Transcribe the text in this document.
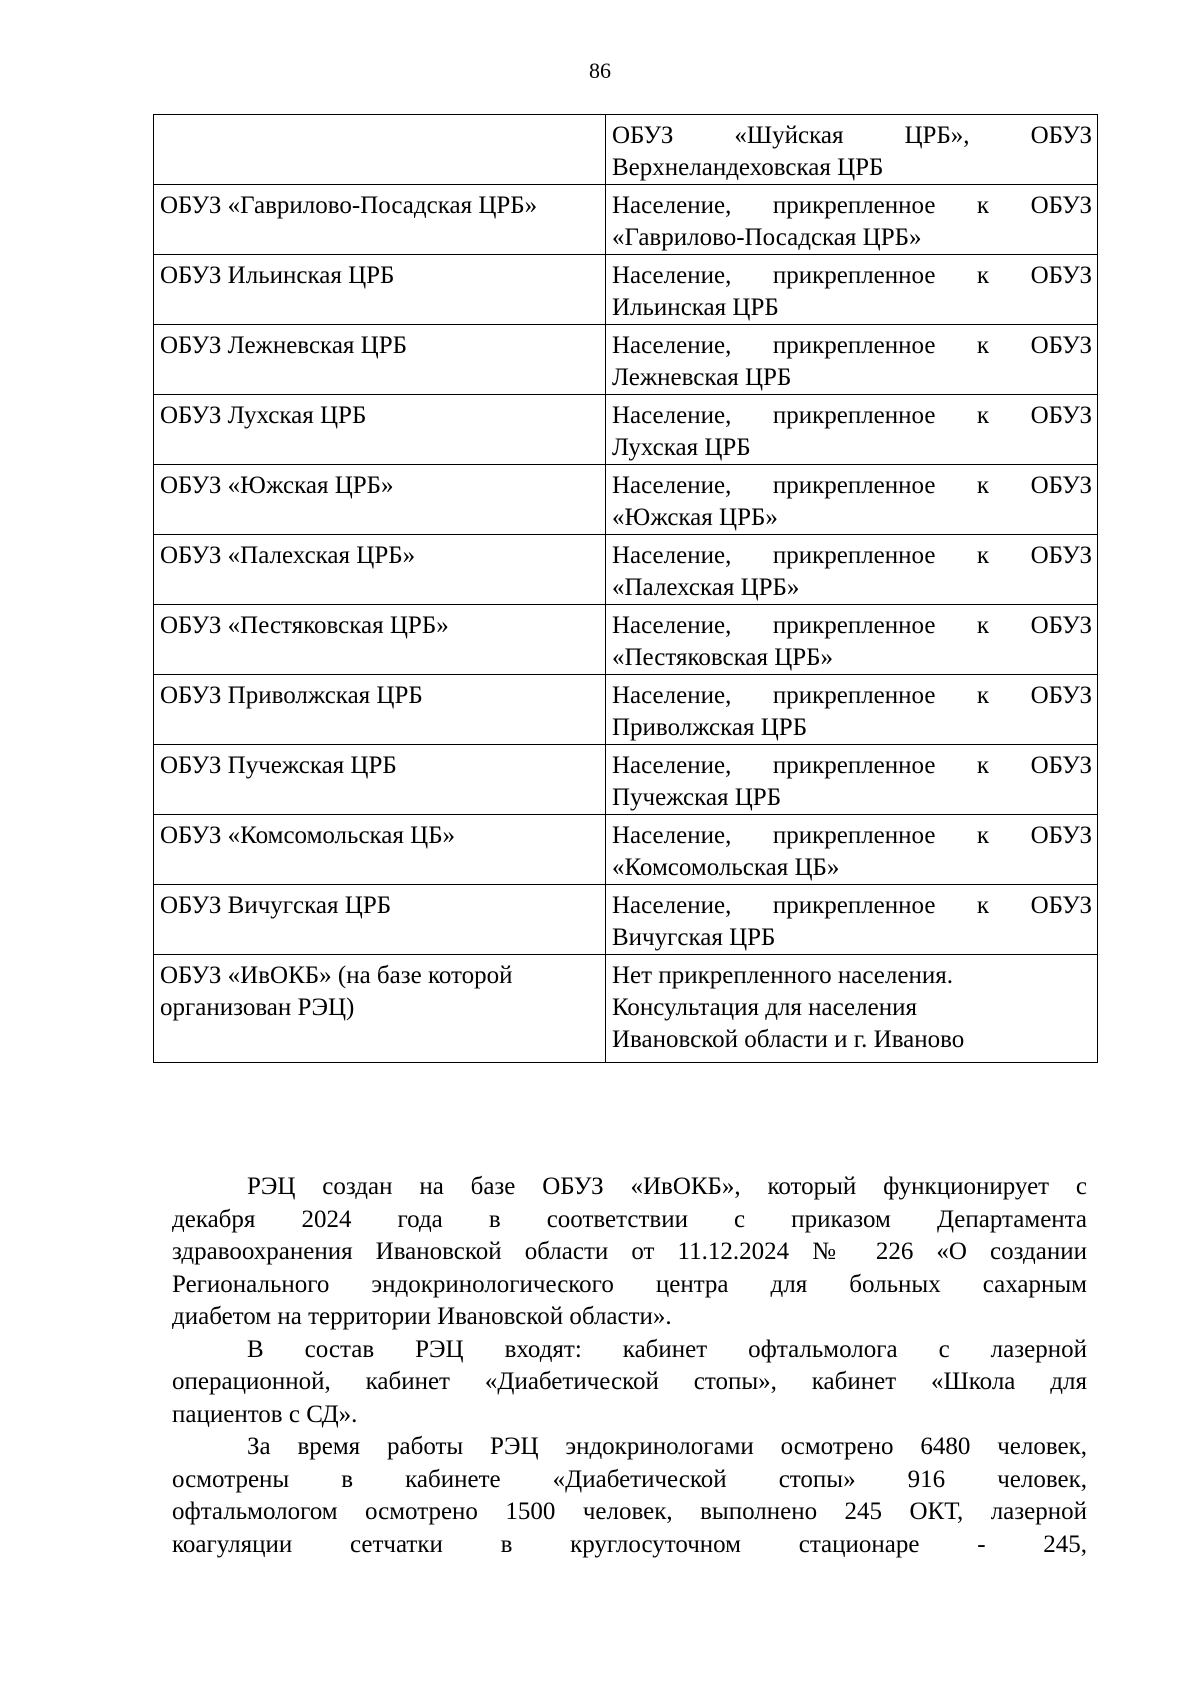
86

	ОБУЗ «Шуйская ЦРБ», ОБУЗ
Верхнеландеховская ЦРБ

ОБУЗ «Гаврилово-Посадская ЦРБ»	Население, прикрепленное к ОБУЗ
«Гаврилово-Посадская ЦРБ»

ОБУЗ Ильинская ЦРБ	Население, прикрепленное к ОБУЗ
Ильинская ЦРБ

ОБУЗ Лежневская ЦРБ	Население, прикрепленное к ОБУЗ
Лежневская ЦРБ

ОБУЗ Лухская ЦРБ	Население, прикрепленное к ОБУЗ
Лухская ЦРБ

ОБУЗ «Южская ЦРБ»	Население, прикрепленное к ОБУЗ
«Южская ЦРБ»

ОБУЗ «Палехская ЦРБ»	Население, прикрепленное к ОБУЗ
«Палехская ЦРБ»

ОБУЗ «Пестяковская ЦРБ»	Население, прикрепленное к ОБУЗ
«Пестяковская ЦРБ»

ОБУЗ Приволжская ЦРБ	Население, прикрепленное к ОБУЗ
Приволжская ЦРБ

ОБУЗ Пучежская ЦРБ	Население, прикрепленное к ОБУЗ
Пучежская ЦРБ

ОБУЗ «Комсомольская ЦБ»	Население, прикрепленное к ОБУЗ
«Комсомольская ЦБ»

ОБУЗ Вичугская ЦРБ	Население, прикрепленное к ОБУЗ
Вичугская ЦРБ

ОБУЗ «ИвОКБ» (на базе которой
организован РЭЦ)	Нет прикрепленного населения.
Консультация для населения
Ивановской области и г. Иваново

РЭЦ создан на базе ОБУЗ «ИвОКБ», который функционирует с
декабря 2024 года в соответствии с приказом Департамента
здравоохранения Ивановской области от 11.12.2024 № 226 «О создании
Регионального эндокринологического центра для больных сахарным
диабетом на территории Ивановской области».

В состав РЭЦ входят: кабинет офтальмолога с лазерной
операционной, кабинет «Диабетической стопы», кабинет «Школа для
пациентов с СД».

За время работы РЭЦ эндокринологами осмотрено 6480 человек,
осмотрены в кабинете «Диабетической стопы» 916 человек,
офтальмологом осмотрено 1500 человек, выполнено 245 ОКТ, лазерной
коагуляции сетчатки в круглосуточном стационаре - 245,
